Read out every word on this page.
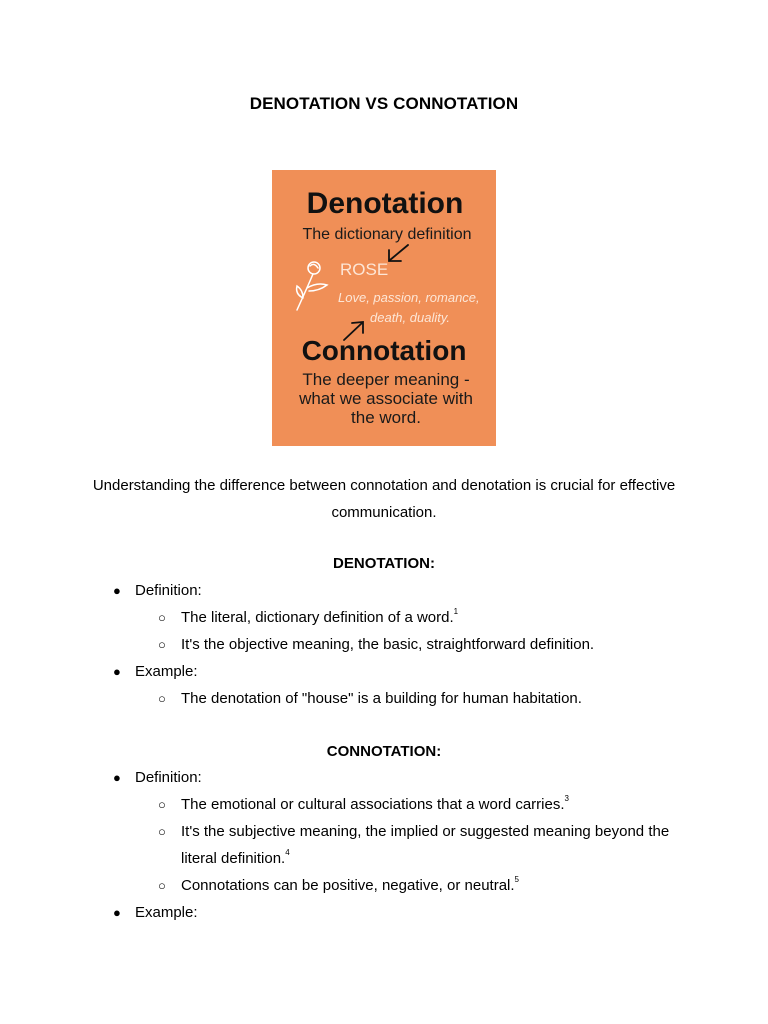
DENOTATION VS CONNOTATION
Denotation
The dictionary definition
ROSE
Love, passion, romance,
death, duality.
Connotation
The deeper meaning -
what we associate with
the word.
Understanding the difference between connotation and denotation is crucial for effective
communication.
DENOTATION:
● Definition:
○ The literal, dictionary definition of a word.$^1$
○ It's the objective meaning, the basic, straightforward definition.
● Example:
○ The denotation of "house" is a building for human habitation.
CONNOTATION:
● Definition:
○ The emotional or cultural associations that a word carries.$^3$
○ It's the subjective meaning, the implied or suggested meaning beyond the
literal definition.$^4$
○ Connotations can be positive, negative, or neutral.$^5$
● Example:
